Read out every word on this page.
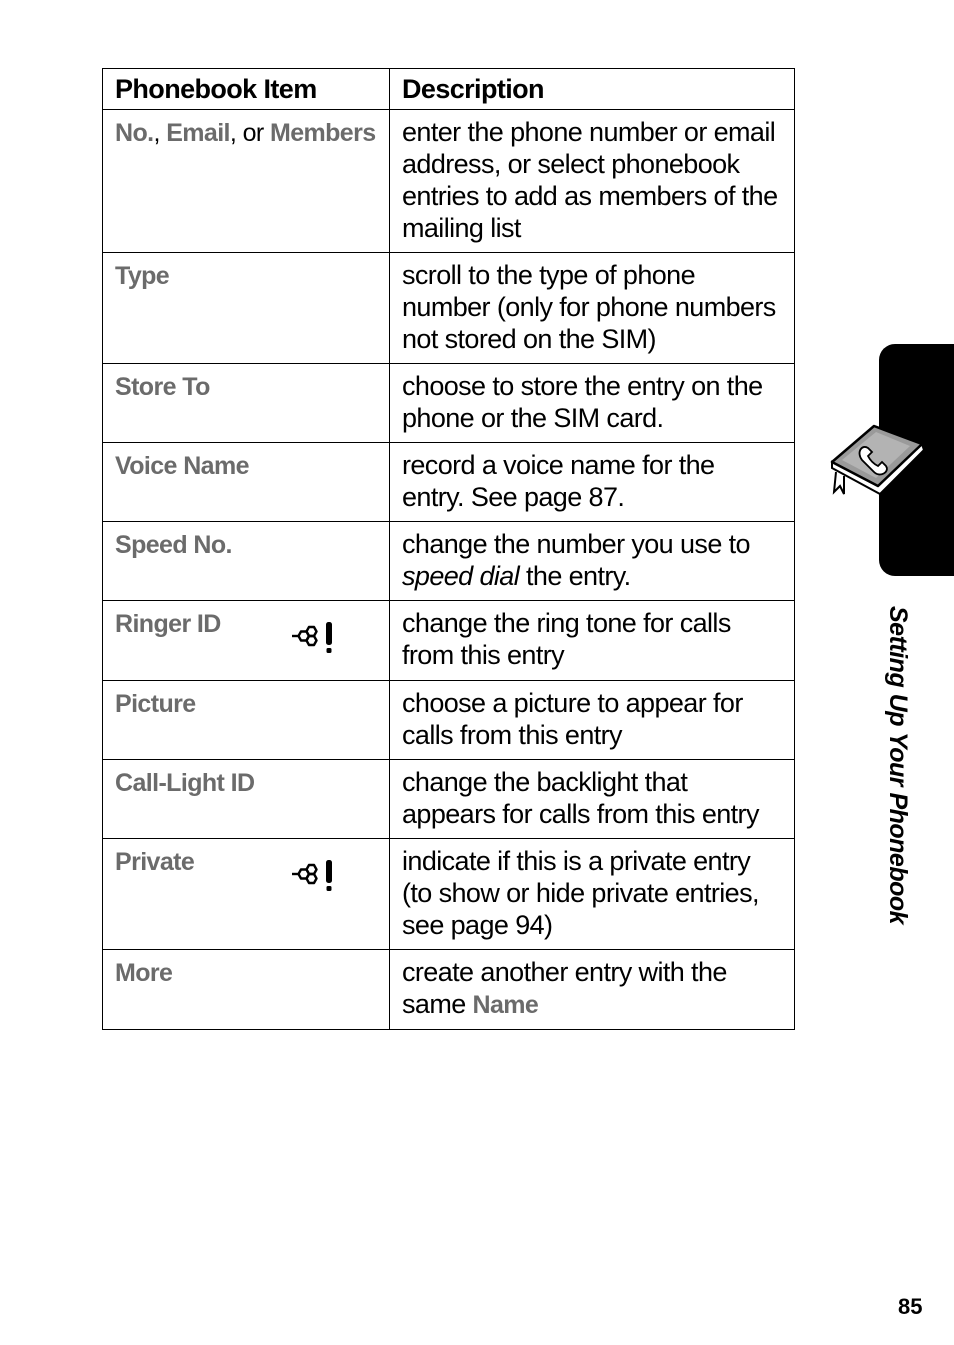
Phonebook Item	Description
No., Email, or Members	enter the phone number or email address, or select phonebook entries to add as members of the mailing list
Type	scroll to the type of phone number (only for phone numbers not stored on the SIM)
Store To	choose to store the entry on the phone or the SIM card.
Voice Name	record a voice name for the entry. See page 87.
Speed No.	change the number you use to speed dial the entry.
Ringer ID	change the ring tone for calls from this entry
Picture	choose a picture to appear for calls from this entry
Call-Light ID	change the backlight that appears for calls from this entry
Private	indicate if this is a private entry (to show or hide private entries, see page 94)
More	create another entry with the same Name
Setting Up Your Phonebook
85
